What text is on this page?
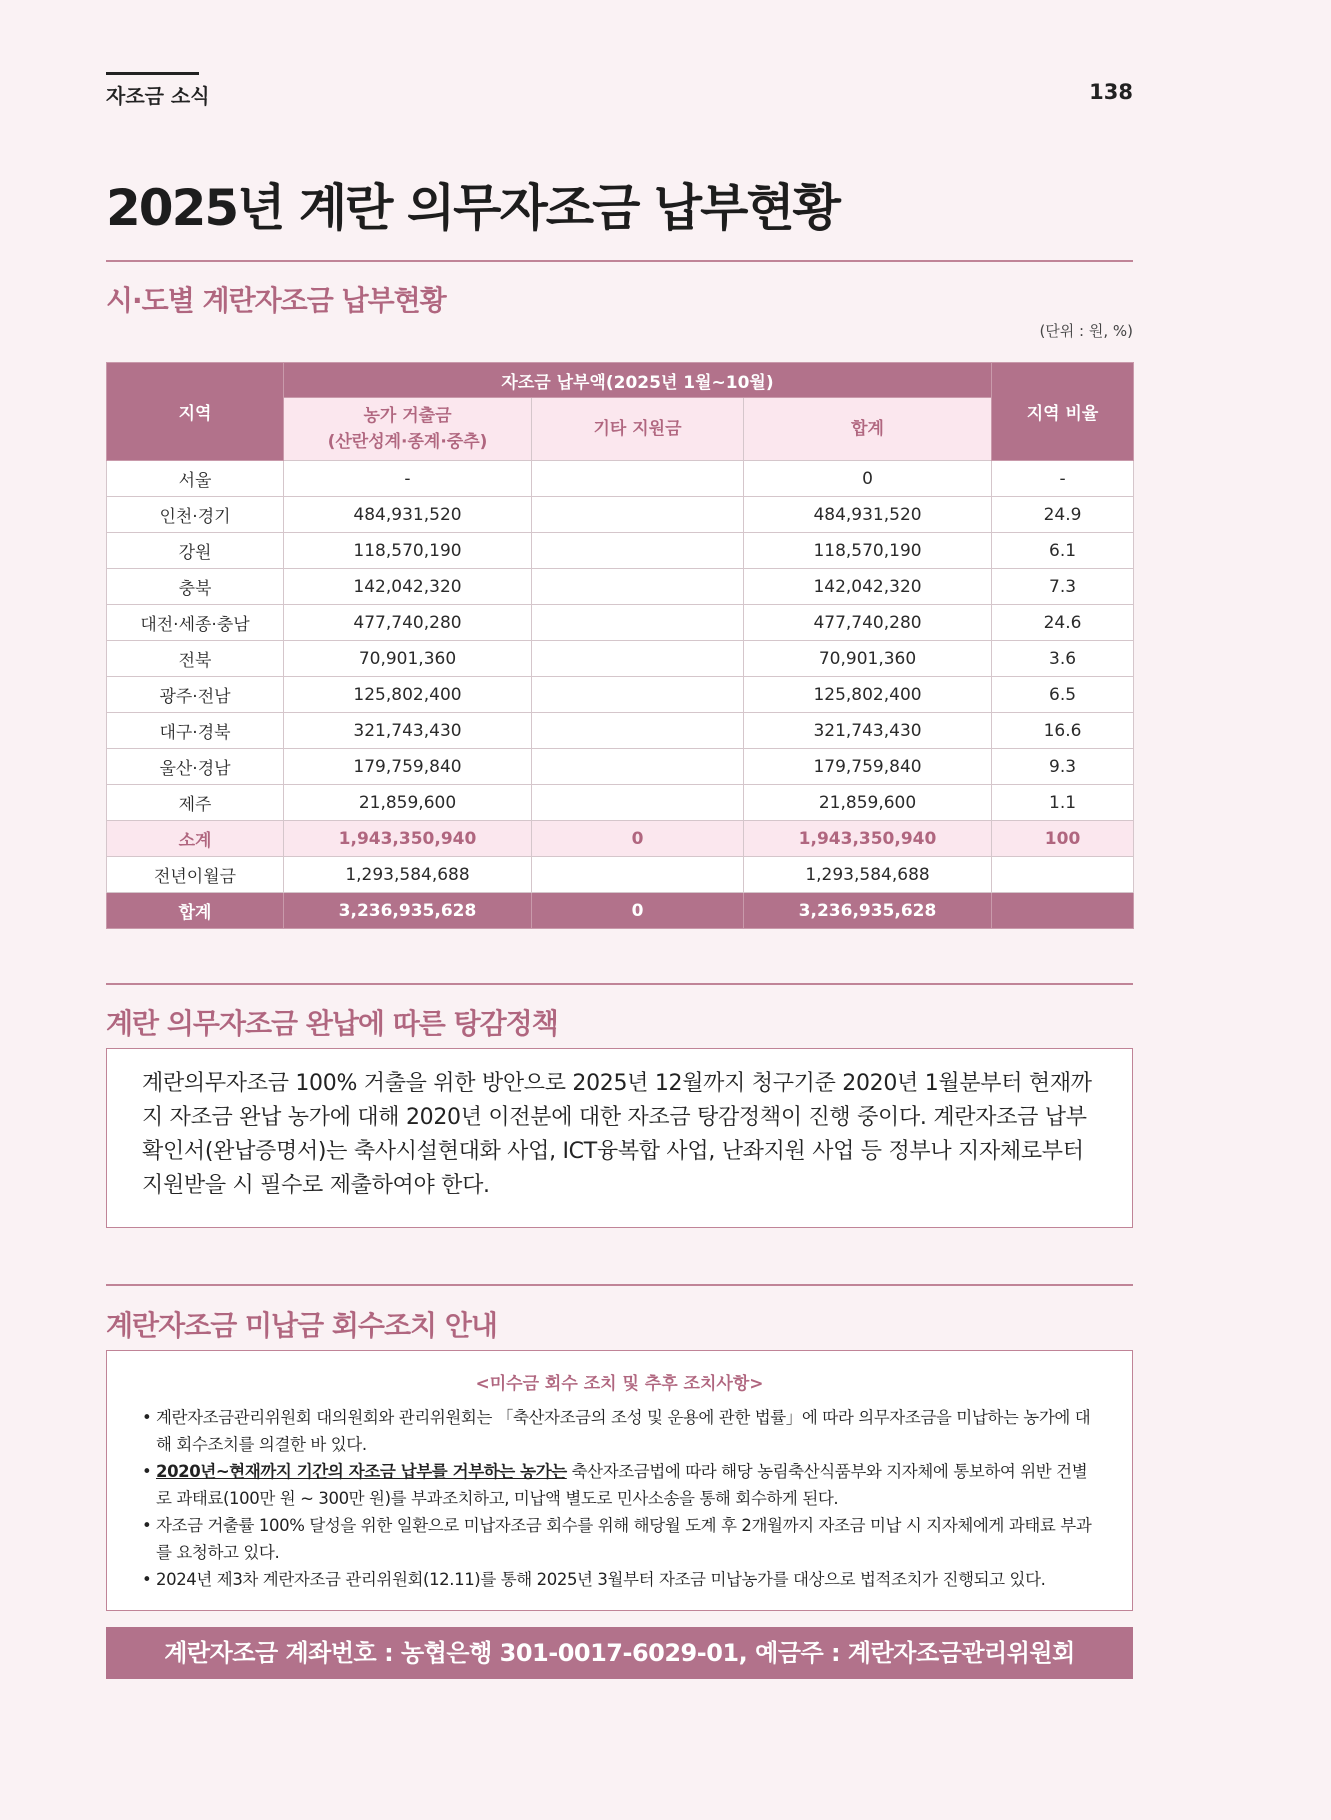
자조금 소식	138
2025년 계란 의무자조금 납부현황
시·도별 계란자조금 납부현황
(단위 : 원, %)
지역	자조금 납부액(2025년 1월~10월)			지역 비율
	농가 거출금
(산란성계·종계·중추)	기타 지원금	합계	
서울	-		0	-
인천·경기	484,931,520		484,931,520	24.9
강원	118,570,190		118,570,190	6.1
충북	142,042,320		142,042,320	7.3
대전·세종·충남	477,740,280		477,740,280	24.6
전북	70,901,360		70,901,360	3.6
광주·전남	125,802,400		125,802,400	6.5
대구·경북	321,743,430		321,743,430	16.6
울산·경남	179,759,840		179,759,840	9.3
제주	21,859,600		21,859,600	1.1
소계	1,943,350,940	0	1,943,350,940	100
전년이월금	1,293,584,688		1,293,584,688	
합계	3,236,935,628	0	3,236,935,628	
계란 의무자조금 완납에 따른 탕감정책

계란의무자조금 100% 거출을 위한 방안으로 2025년 12월까지 청구기준 2020년 1월분부터 현재까지 자조금 완납 농가에 대해 2020년 이전분에 대한 자조금 탕감정책이 진행 중이다. 계란자조금 납부확인서(완납증명서)는 축사시설현대화 사업, ICT융복합 사업, 난좌지원 사업 등 정부나 지자체로부터 지원받을 시 필수로 제출하여야 한다.

계란자조금 미납금 회수조치 안내
<미수금 회수 조치 및 추후 조치사항>
• 계란자조금관리위원회 대의원회와 관리위원회는 「축산자조금의 조성 및 운용에 관한 법률」에 따라 의무자조금을 미납하는 농가에 대해 회수조치를 의결한 바 있다.
• 2020년~현재까지 기간의 자조금 납부를 거부하는 농가는 축산자조금법에 따라 해당 농림축산식품부와 지자체에 통보하여 위반 건별로 과태료(100만 원 ~ 300만 원)를 부과조치하고, 미납액 별도로 민사소송을 통해 회수하게 된다.
• 자조금 거출률 100% 달성을 위한 일환으로 미납자조금 회수를 위해 해당월 도계 후 2개월까지 자조금 미납 시 지자체에게 과태료 부과를 요청하고 있다.
• 2024년 제3차 계란자조금 관리위원회(12.11)를 통해 2025년 3월부터 자조금 미납농가를 대상으로 법적조치가 진행되고 있다.
계란자조금 계좌번호 : 농협은행 301-0017-6029-01, 예금주 : 계란자조금관리위원회
